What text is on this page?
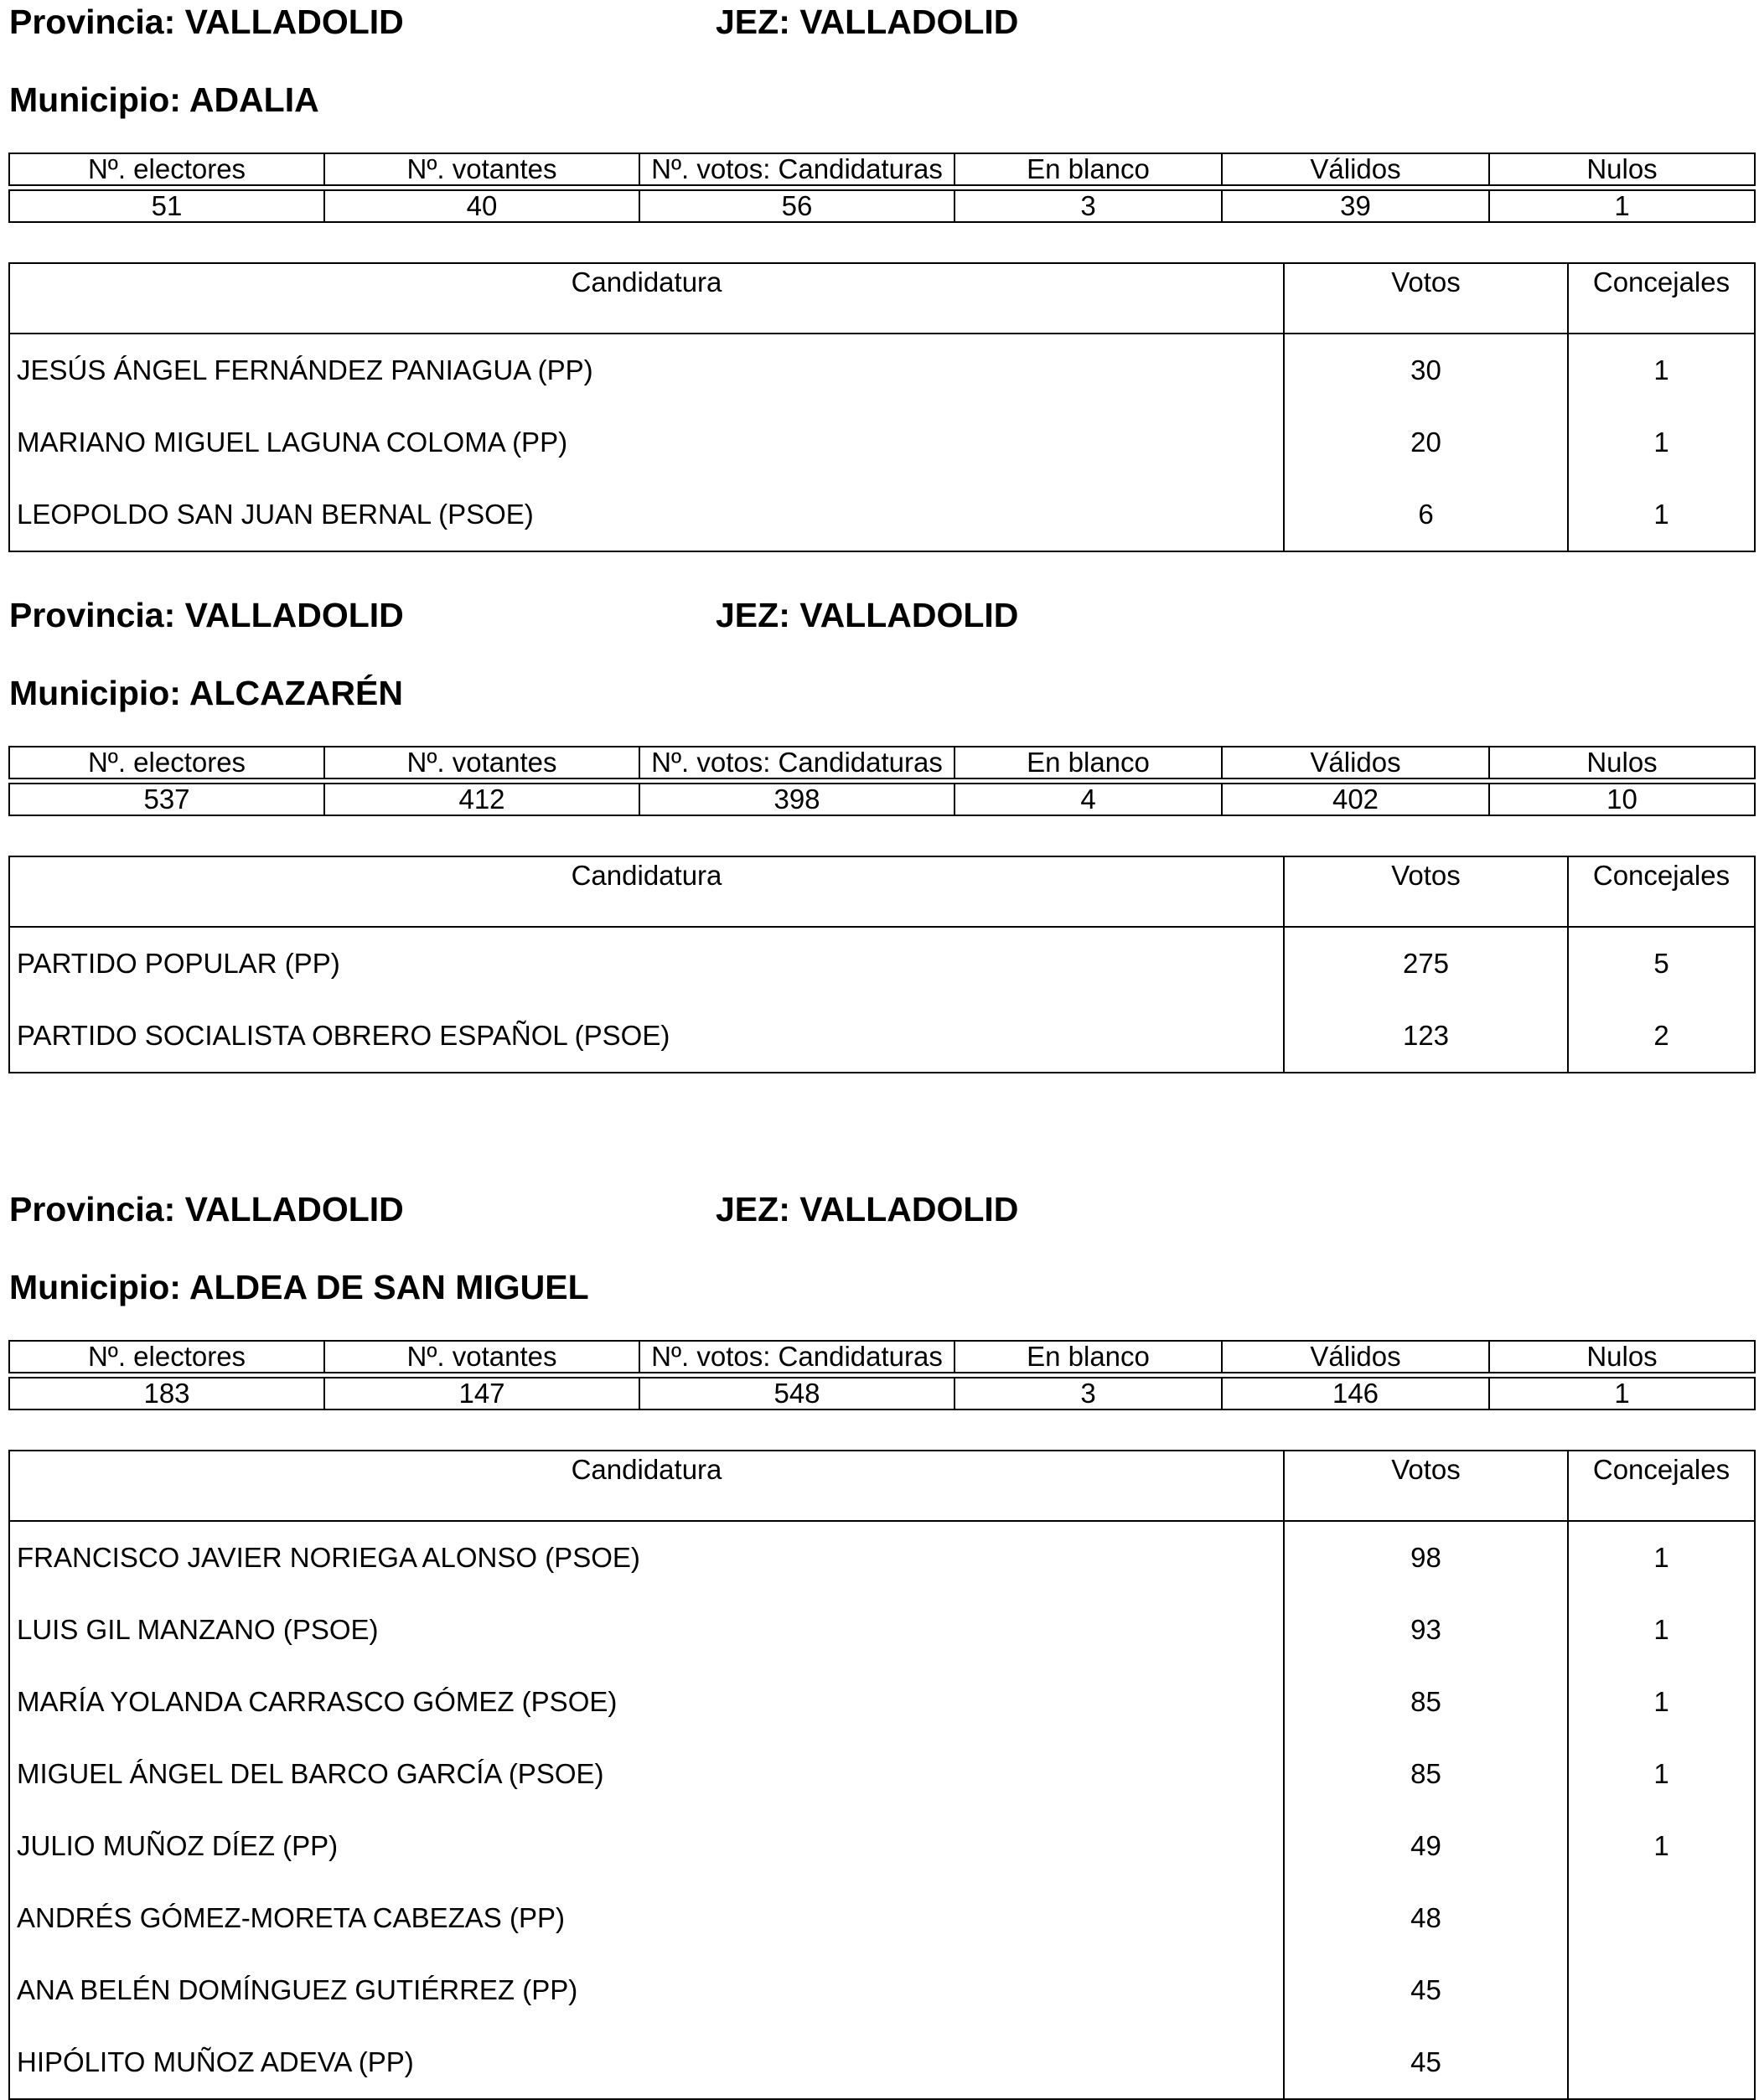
Provincia: VALLADOLID	JEZ: VALLADOLID
Municipio: ADALIA
Nº. electores	Nº. votantes	Nº. votos: Candidaturas	En blanco	Válidos	Nulos

51	40	56	3	39	1
Candidatura	Votos	Concejales
JESÚS ÁNGEL FERNÁNDEZ PANIAGUA (PP)	30	1
MARIANO MIGUEL LAGUNA COLOMA (PP)	20	1
LEOPOLDO SAN JUAN BERNAL (PSOE)	6	1
Provincia: VALLADOLID	JEZ: VALLADOLID
Municipio: ALCAZARÉN
Nº. electores	Nº. votantes	Nº. votos: Candidaturas	En blanco	Válidos	Nulos

537	412	398	4	402	10
Candidatura	Votos	Concejales
PARTIDO POPULAR (PP)	275	5
PARTIDO SOCIALISTA OBRERO ESPAÑOL (PSOE)	123	2
Provincia: VALLADOLID	JEZ: VALLADOLID
Municipio: ALDEA DE SAN MIGUEL
Nº. electores	Nº. votantes	Nº. votos: Candidaturas	En blanco	Válidos	Nulos

183	147	548	3	146	1
Candidatura	Votos	Concejales
FRANCISCO JAVIER NORIEGA ALONSO (PSOE)	98	1
LUIS GIL MANZANO (PSOE)	93	1
MARÍA YOLANDA CARRASCO GÓMEZ (PSOE)	85	1
MIGUEL ÁNGEL DEL BARCO GARCÍA (PSOE)	85	1
JULIO MUÑOZ DÍEZ (PP)	49	1
ANDRÉS GÓMEZ-MORETA CABEZAS (PP)	48	
ANA BELÉN DOMÍNGUEZ GUTIÉRREZ (PP)	45	
HIPÓLITO MUÑOZ ADEVA (PP)	45	
